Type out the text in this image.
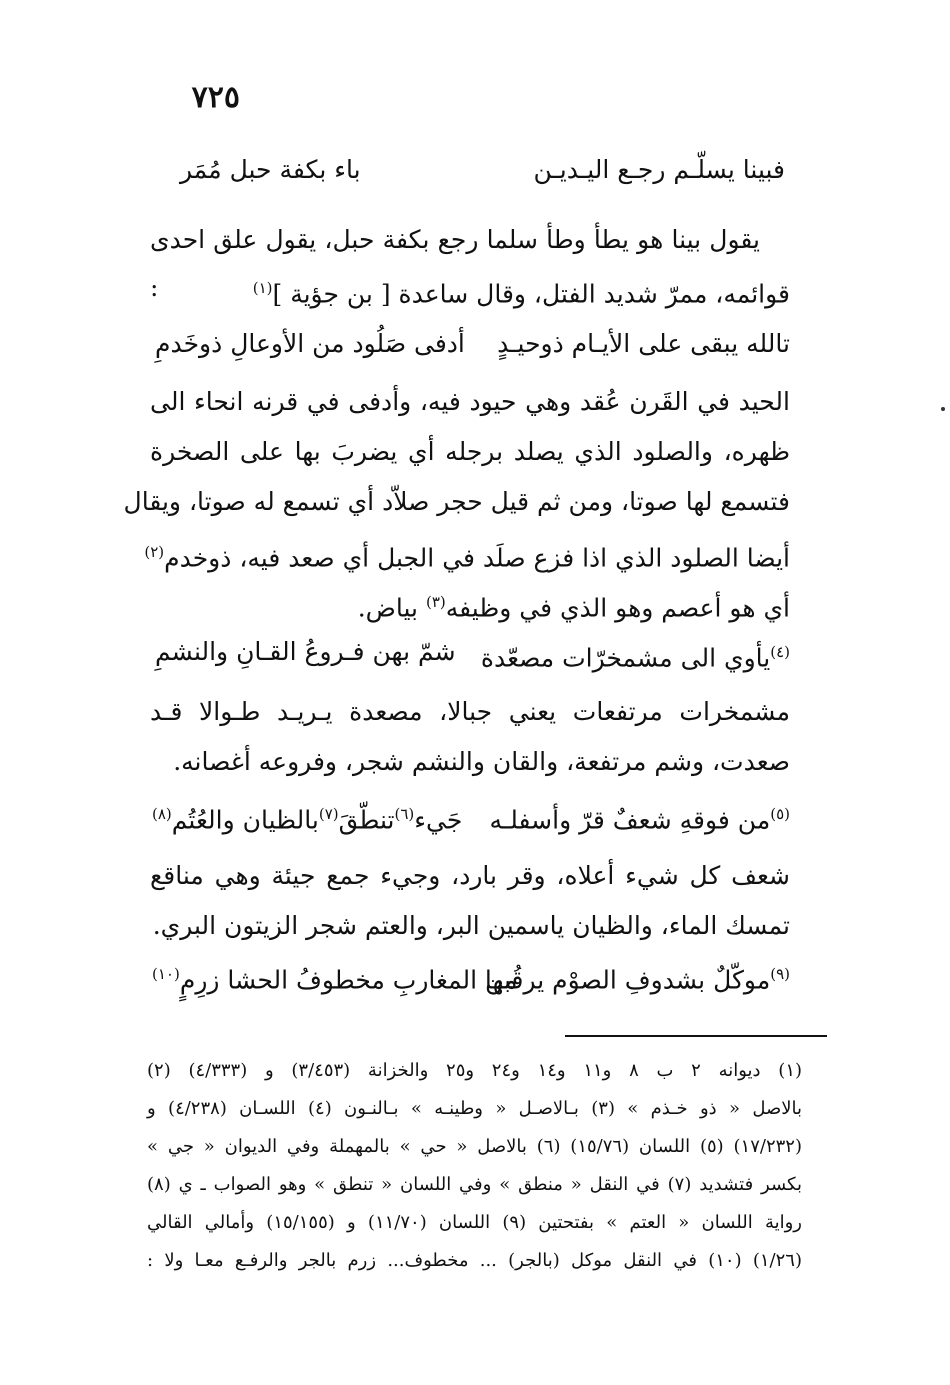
٧٢٥
فبينا يسلّـم رجـع اليـديـن
باء بكفة حبل مُمَر
يقول بينا هو يطأ وطأ سلما رجع بكفة حبل، يقول علق احدى
قوائمه، ممرّ شديد الفتل، وقال ساعدة [ بن جؤية ]$^{(١)}$
:
تالله يبقى على الأيـام ذوحيـدٍ
أدفى صَلُود من الأوعالِ ذوخَدمِ
الحيد في القَرن عُقد وهي حيود فيه، وأدفى في قرنه انحاء الى
ظهره، والصلود الذي يصلد برجله أي يضربَ بها على الصخرة
فتسمع لها صوتا، ومن ثم قيل حجر صلاّد أي تسمع له صوتا، ويقال
أيضا الصلود الذي اذا فزع صلَد في الجبل أي صعد فيه، ذوخدم$^{(٢)}$
أي هو أعصم وهو الذي في وظيفه$^{(٣)}$ بياض.
$^{(٤)}$يأوي الى مشمخرّات مصعّدة
شمّ بهن فـروعُ القـانِ والنشمِ
مشمخرات مرتفعات يعني جبالا، مصعدة يـريـد طـوالا قـد
صعدت، وشم مرتفعة، والقان والنشم شجر، وفروعه أغصانه.
$^{(٥)}$من فوقهِ شعفٌ قرّ وأسفلـه
جَيء$^{(٦)}$تنطّقَ$^{(٧)}$بالظيان والعُتُم$^{(٨)}$
شعف كل شيء أعلاه، وقر بارد، وجيء جمع جيئة وهي مناقع
تمسك الماء، والظيان ياسمين البر، والعتم شجر الزيتون البري.
$^{(٩)}$موكّلٌ بشدوفِ الصوْم يرقُبها
من المغاربِ مخطوفُ الحشا زرِمٍ$^{(١٠)}$
(١) ديوانه ٢ ب ٨ و١١ و١٤ و٢٤ و٢٥ والخزانة (٣/٤٥٣) و (٤/٣٣٣) (٢)
بالاصل « ذو خـذم » (٣) بـالاصـل « وطينـه » بـالنـون (٤) اللسـان (٤/٢٣٨) و
(١٧/٢٣٢) (٥) اللسان (١٥/٧٦) (٦) بالاصل « حي » بالمهملة وفي الديوان « جي »
بكسر فتشديد (٧) في النقل « منطق » وفي اللسان « تنطق » وهو الصواب ـ ي (٨)
رواية اللسان « العتم » بفتحتين (٩) اللسان (١١/٧٠) و (١٥/١٥٥) وأمالي القالي
(١/٢٦) (١٠) في النقل موكل (بالجر) ... مخطوف... زرم بالجر والرفـع معـا ولا :
